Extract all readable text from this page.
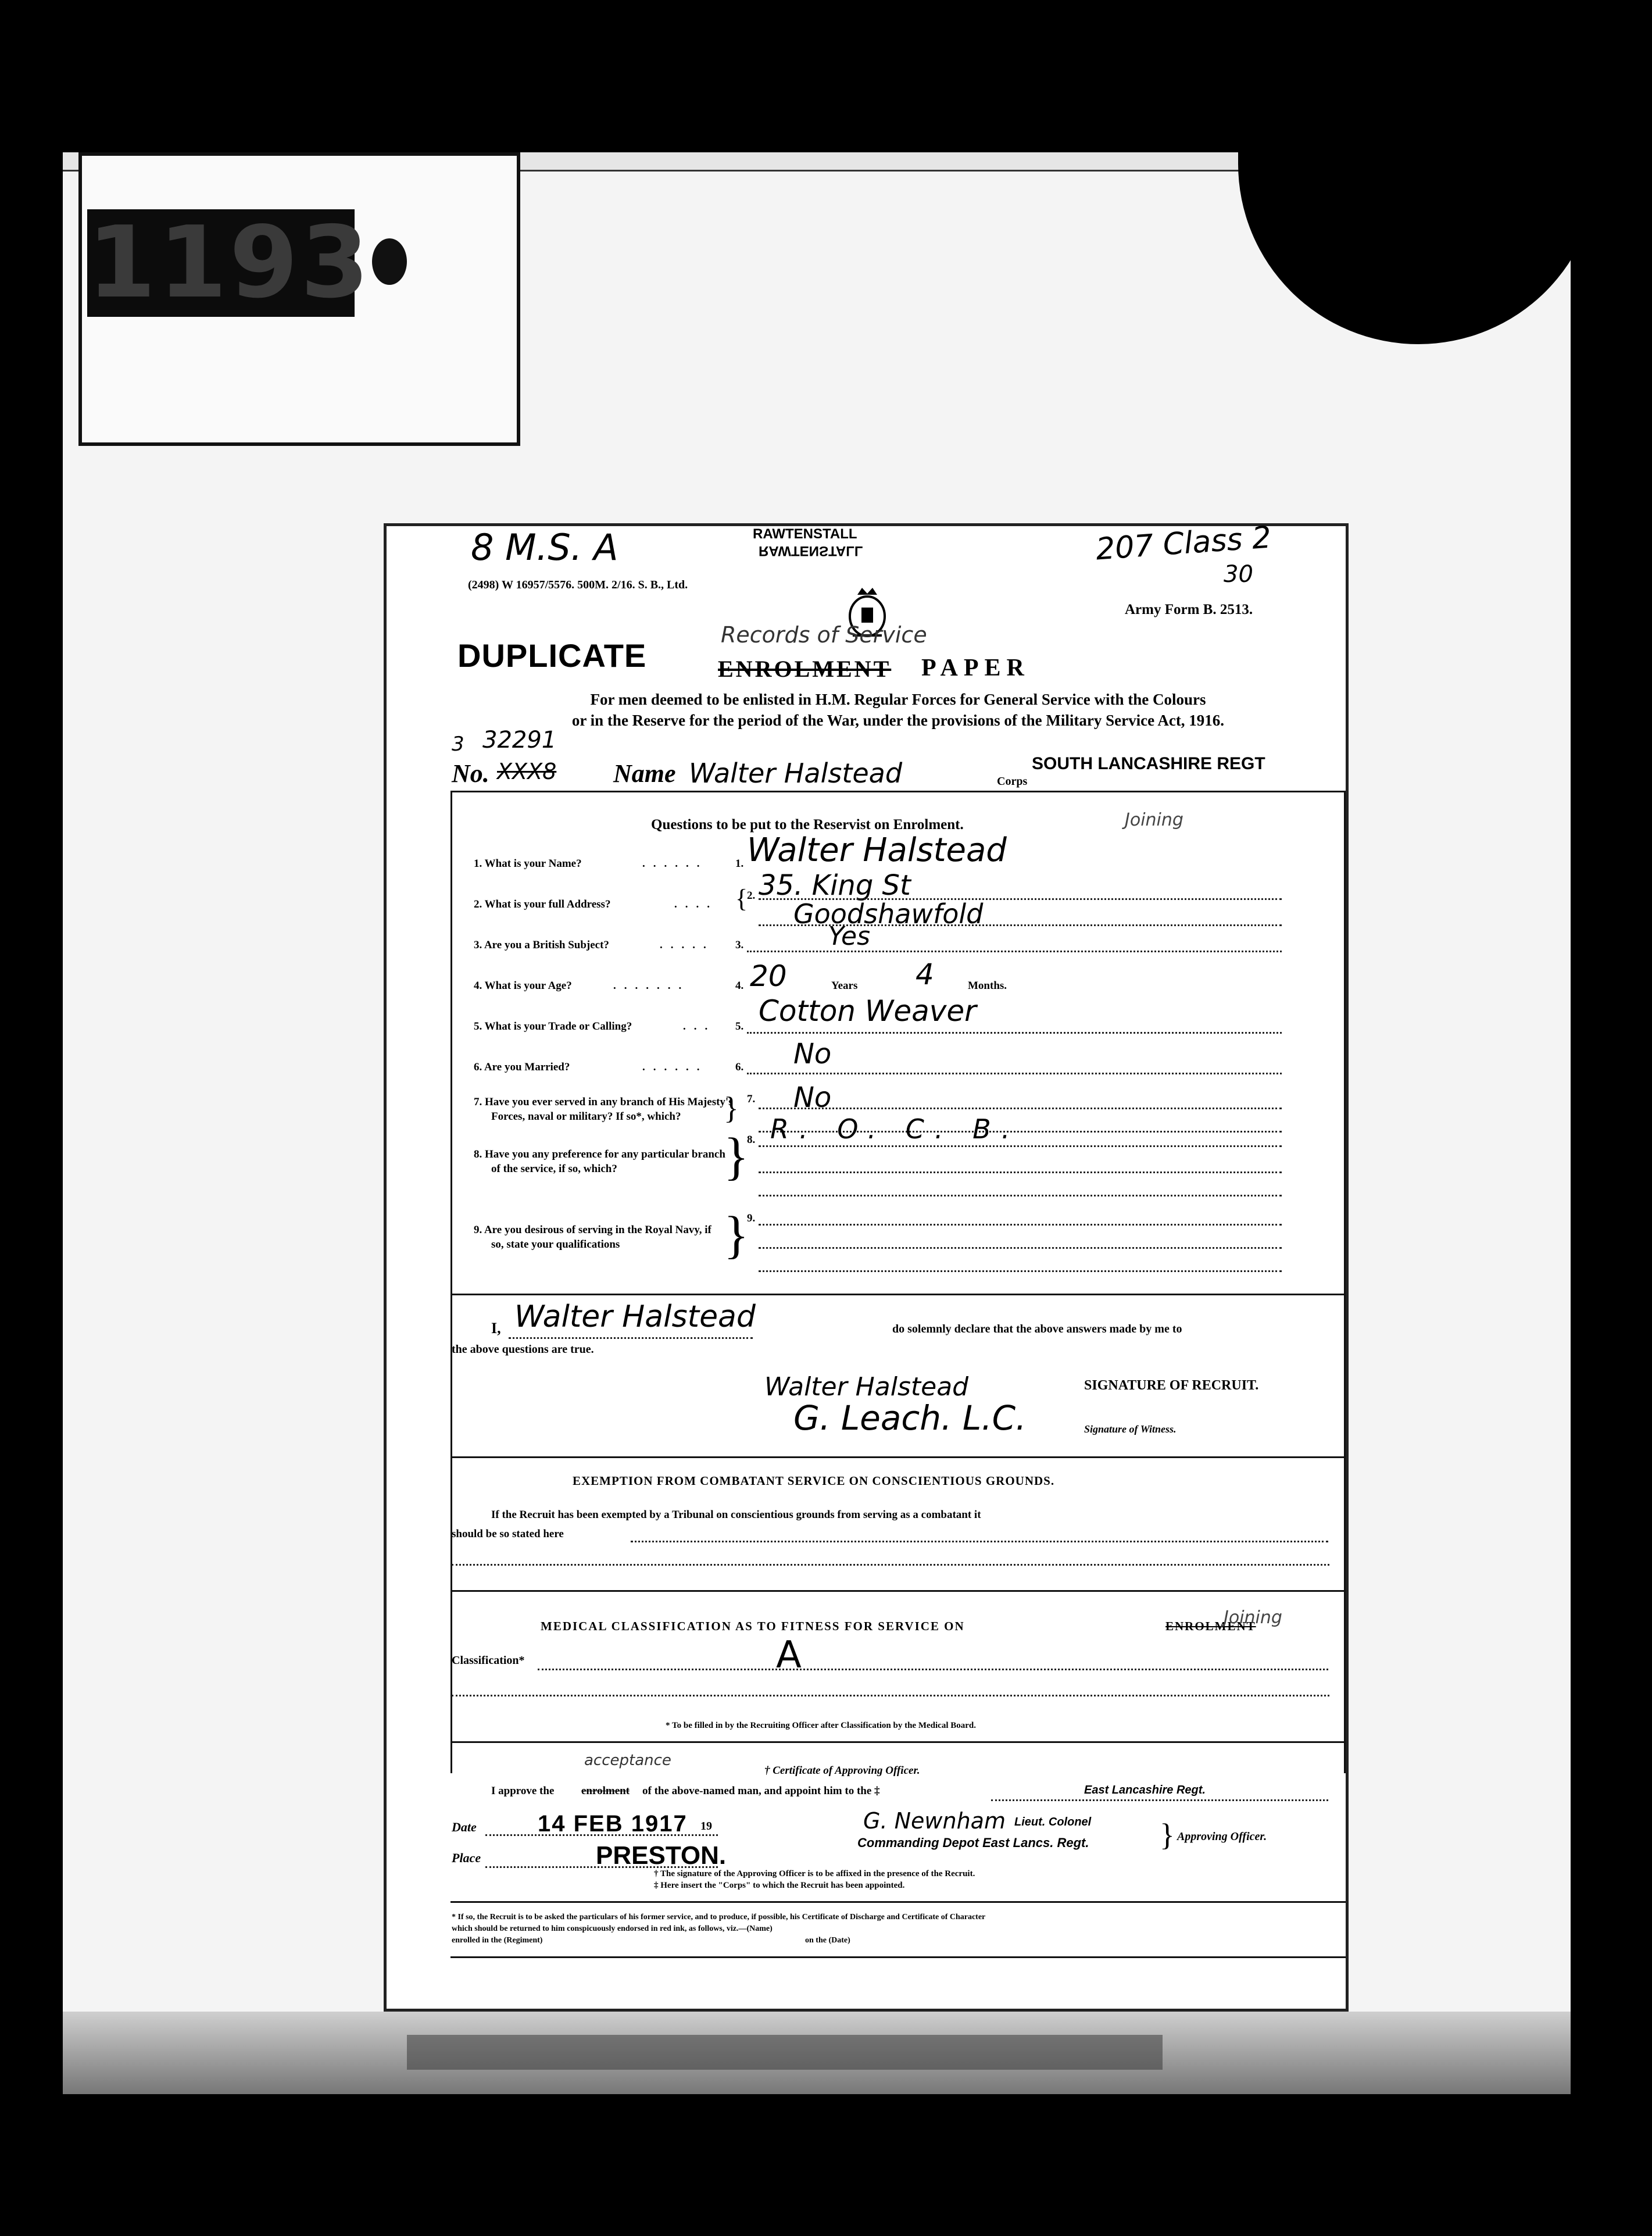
1193
8 M.S. A	RAWTENSTALL
RAWTENSTALL	207 Class 2
30
(2498) W 16957/5576. 500M. 2/16. S. B., Ltd.
Army Form B. 2513.
DUPLICATE
Records of Service
ENROLMENT PAPER
For men deemed to be enlisted in H.M. Regular Forces for General Service with the Colours
or in the Reserve for the period of the War, under the provisions of the Military Service Act, 1916.
3 32291
No. XXX8 Name Walter Halstead	Corps
SOUTH LANCASHIRE REGT
Questions to be put to the Reservist on Enrolment.	Joining
1. What is your Name?	......	1. Walter Halstead
2. What is your full Address?	.... {
2. 35. King St
Goodshawfold
3. Are you a British Subject?	..... 3.	Yes
4. What is your Age?	.......	4. 20	Years 4	Months.
5. What is your Trade or Calling?	... 5. Cotton Weaver
6. Are you Married?	......	6. No
7. Have you ever served in any branch of His Majesty's
Forces, naval or military? If so*, which? } 7. No
8. Have you any preference for any particular branch
of the service, if so, which? }
8. R. O. C. B.
9. Are you desirous of serving in the Royal Navy, if
so, state your qualifications }
9.
I, Walter Halstead	do solemnly declare that the above answers made by me to
the above questions are true.
Walter Halstead	SIGNATURE OF RECRUIT.
G. Leach. L.C.	Signature of Witness.
EXEMPTION FROM COMBATANT SERVICE ON CONSCIENTIOUS GROUNDS.
If the Recruit has been exempted by a Tribunal on conscientious grounds from serving as a combatant it
should be so stated here
MEDICAL CLASSIFICATION AS TO FITNESS FOR SERVICE ON	ENROLMENT
Joining
Classification*	A
* To be filled in by the Recruiting Officer after Classification by the Medical Board.
† Certificate of Approving Officer.
acceptance
I approve the enrolment of the above-named man, and appoint him to the ‡	East Lancashire Regt.
Date	14 FEB 1917 19
Place	PRESTON.
G. Newnham Lieut. Colonel
Commanding Depot East Lancs. Regt. } Approving Officer.
† The signature of the Approving Officer is to be affixed in the presence of the Recruit.
‡ Here insert the "Corps" to which the Recruit has been appointed.
* If so, the Recruit is to be asked the particulars of his former service, and to produce, if possible, his Certificate of Discharge and Certificate of Character
which should be returned to him conspicuously endorsed in red ink, as follows, viz.—(Name)
enrolled in the (Regiment)	on the (Date)
